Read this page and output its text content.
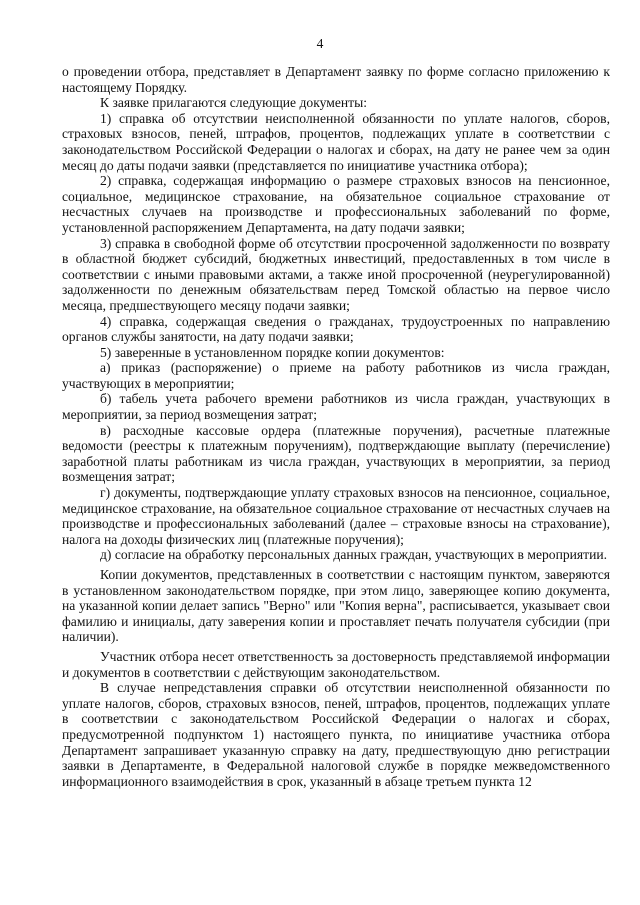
4

о проведении отбора, представляет в Департамент заявку по форме согласно приложению к настоящему Порядку.

К заявке прилагаются следующие документы:

1) справка об отсутствии неисполненной обязанности по уплате налогов, сборов, страховых взносов, пеней, штрафов, процентов, подлежащих уплате в соответствии с законодательством Российской Федерации о налогах и сборах, на дату не ранее чем за один месяц до даты подачи заявки (представляется по инициативе участника отбора);

2) справка, содержащая информацию о размере страховых взносов на пенсионное, социальное, медицинское страхование, на обязательное социальное страхование от несчастных случаев на производстве и профессиональных заболеваний по форме, установленной распоряжением Департамента, на дату подачи заявки;

3) справка в свободной форме об отсутствии просроченной задолженности по возврату в областной бюджет субсидий, бюджетных инвестиций, предоставленных в том числе в соответствии с иными правовыми актами, а также иной просроченной (неурегулированной) задолженности по денежным обязательствам перед Томской областью на первое число месяца, предшествующего месяцу подачи заявки;

4) справка, содержащая сведения о гражданах, трудоустроенных по направлению органов службы занятости, на дату подачи заявки;

5) заверенные в установленном порядке копии документов:

а) приказ (распоряжение) о приеме на работу работников из числа граждан, участвующих в мероприятии;

б) табель учета рабочего времени работников из числа граждан, участвующих в мероприятии, за период возмещения затрат;

в) расходные кассовые ордера (платежные поручения), расчетные платежные ведомости (реестры к платежным поручениям), подтверждающие выплату (перечисление) заработной платы работникам из числа граждан, участвующих в мероприятии, за период возмещения затрат;

г) документы, подтверждающие уплату страховых взносов на пенсионное, социальное, медицинское страхование, на обязательное социальное страхование от несчастных случаев на производстве и профессиональных заболеваний (далее – страховые взносы на страхование), налога на доходы физических лиц (платежные поручения);

д) согласие на обработку персональных данных граждан, участвующих в мероприятии.

Копии документов, представленных в соответствии с настоящим пунктом, заверяются в установленном законодательством порядке, при этом лицо, заверяющее копию документа, на указанной копии делает запись "Верно" или "Копия верна", расписывается, указывает свои фамилию и инициалы, дату заверения копии и проставляет печать получателя субсидии (при наличии).

Участник отбора несет ответственность за достоверность представляемой информации и документов в соответствии с действующим законодательством.

В случае непредставления справки об отсутствии неисполненной обязанности по уплате налогов, сборов, страховых взносов, пеней, штрафов, процентов, подлежащих уплате в соответствии с законодательством Российской Федерации о налогах и сборах, предусмотренной подпунктом 1) настоящего пункта, по инициативе участника отбора Департамент запрашивает указанную справку на дату, предшествующую дню регистрации заявки в Департаменте, в Федеральной налоговой службе в порядке межведомственного информационного взаимодействия в срок, указанный в абзаце третьем пункта 12
